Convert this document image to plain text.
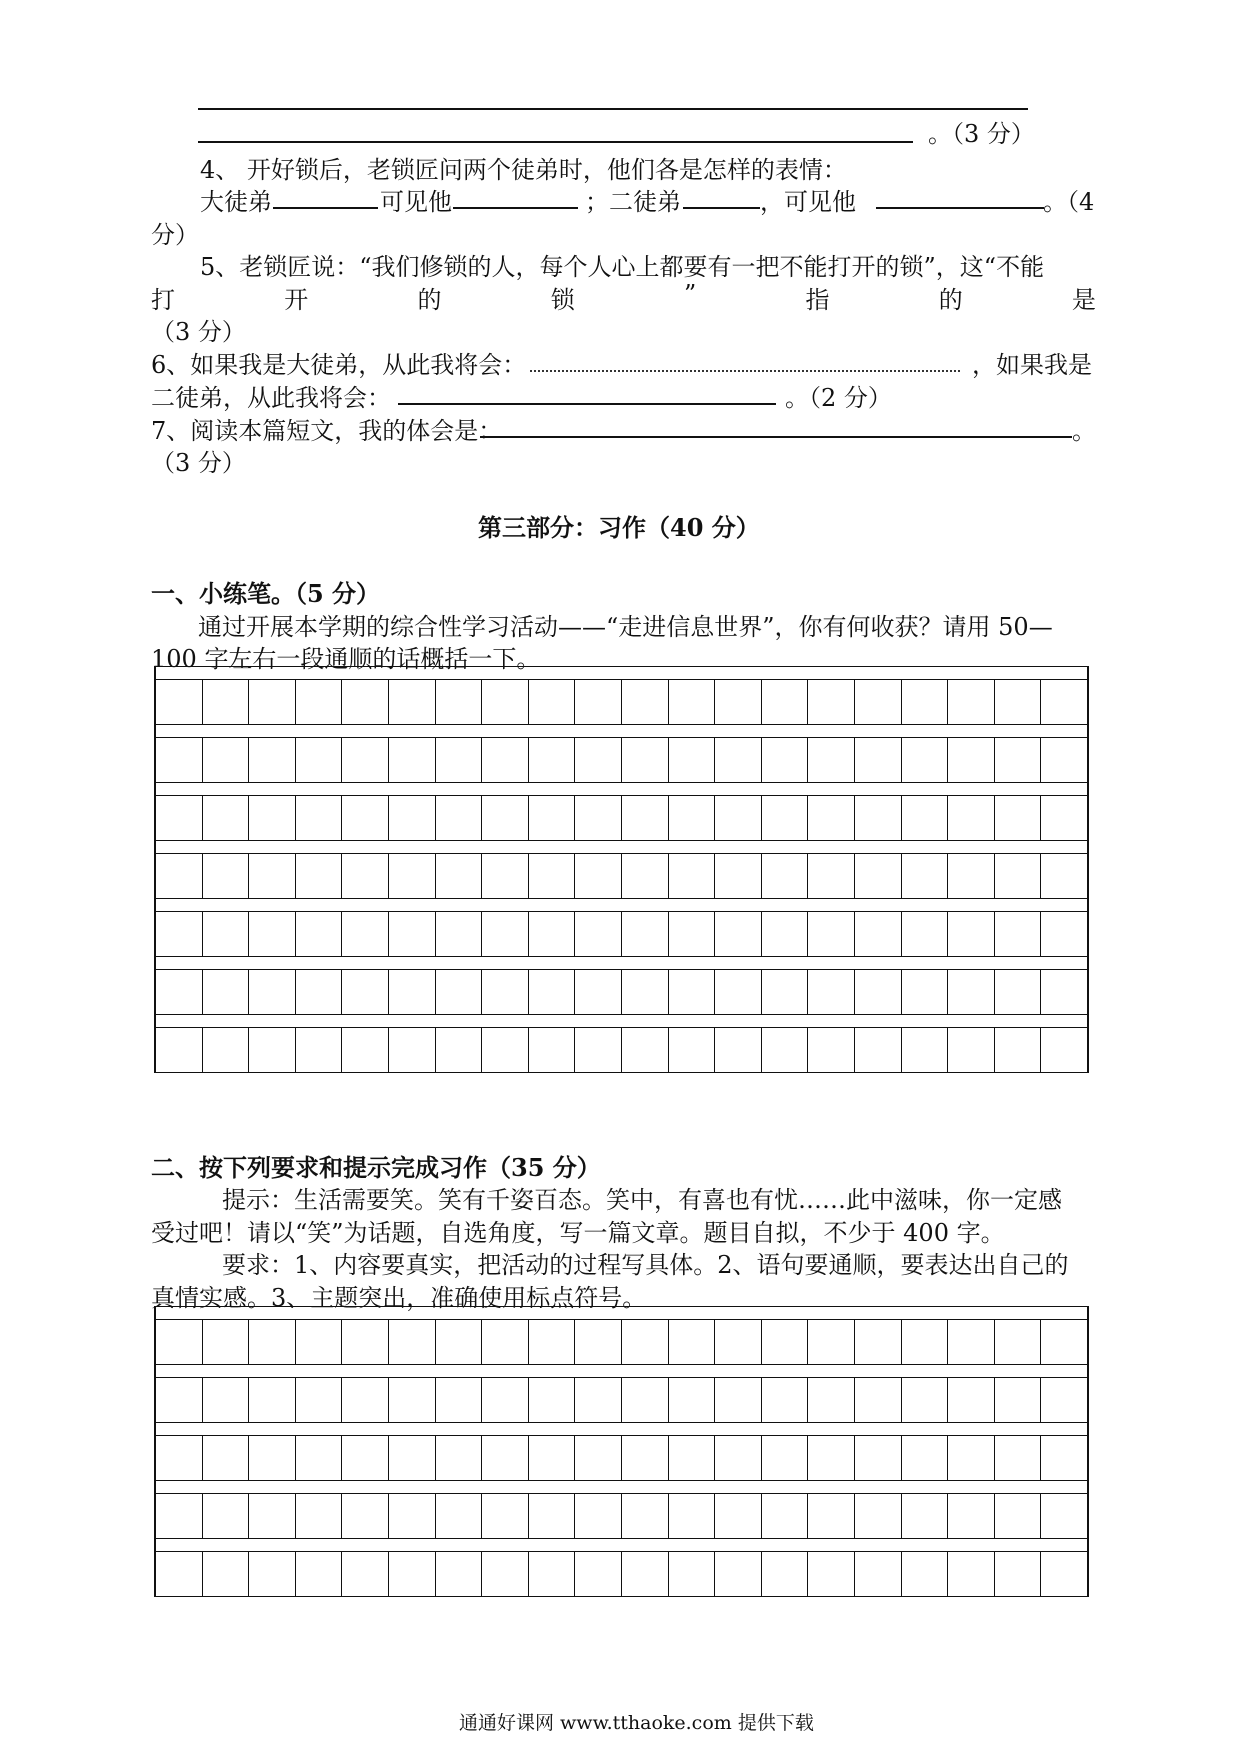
。（3 分）
4、 开好锁后，老锁匠问两个徒弟时，他们各是怎样的表情：
大徒弟	可见他	；二徒弟	，可见他	。（4
分）
5、老锁匠说：“我们修锁的人，每个人心上都要有一把不能打开的锁”，这“不能
打	开	的	锁	”	指	的	是
（3 分）
6、如果我是大徒弟，从此我将会：	，如果我是
二徒弟，从此我将会：	。（2 分）
7、阅读本篇短文，我的体会是：	。
（3 分）
第三部分：习作（40 分）
一、小练笔。（5 分）
通过开展本学期的综合性学习活动——“走进信息世界”，你有何收获？请用 50—
100 字左右一段通顺的话概括一下。
二、按下列要求和提示完成习作（35 分）
提示：生活需要笑。笑有千姿百态。笑中，有喜也有忧……此中滋味，你一定感
受过吧！请以“笑”为话题，自选角度，写一篇文章。题目自拟，不少于 400 字。
要求：1、内容要真实，把活动的过程写具体。2、语句要通顺，要表达出自己的
真情实感。3、主题突出，准确使用标点符号。
通通好课网 www.tthaoke.com 提供下载
